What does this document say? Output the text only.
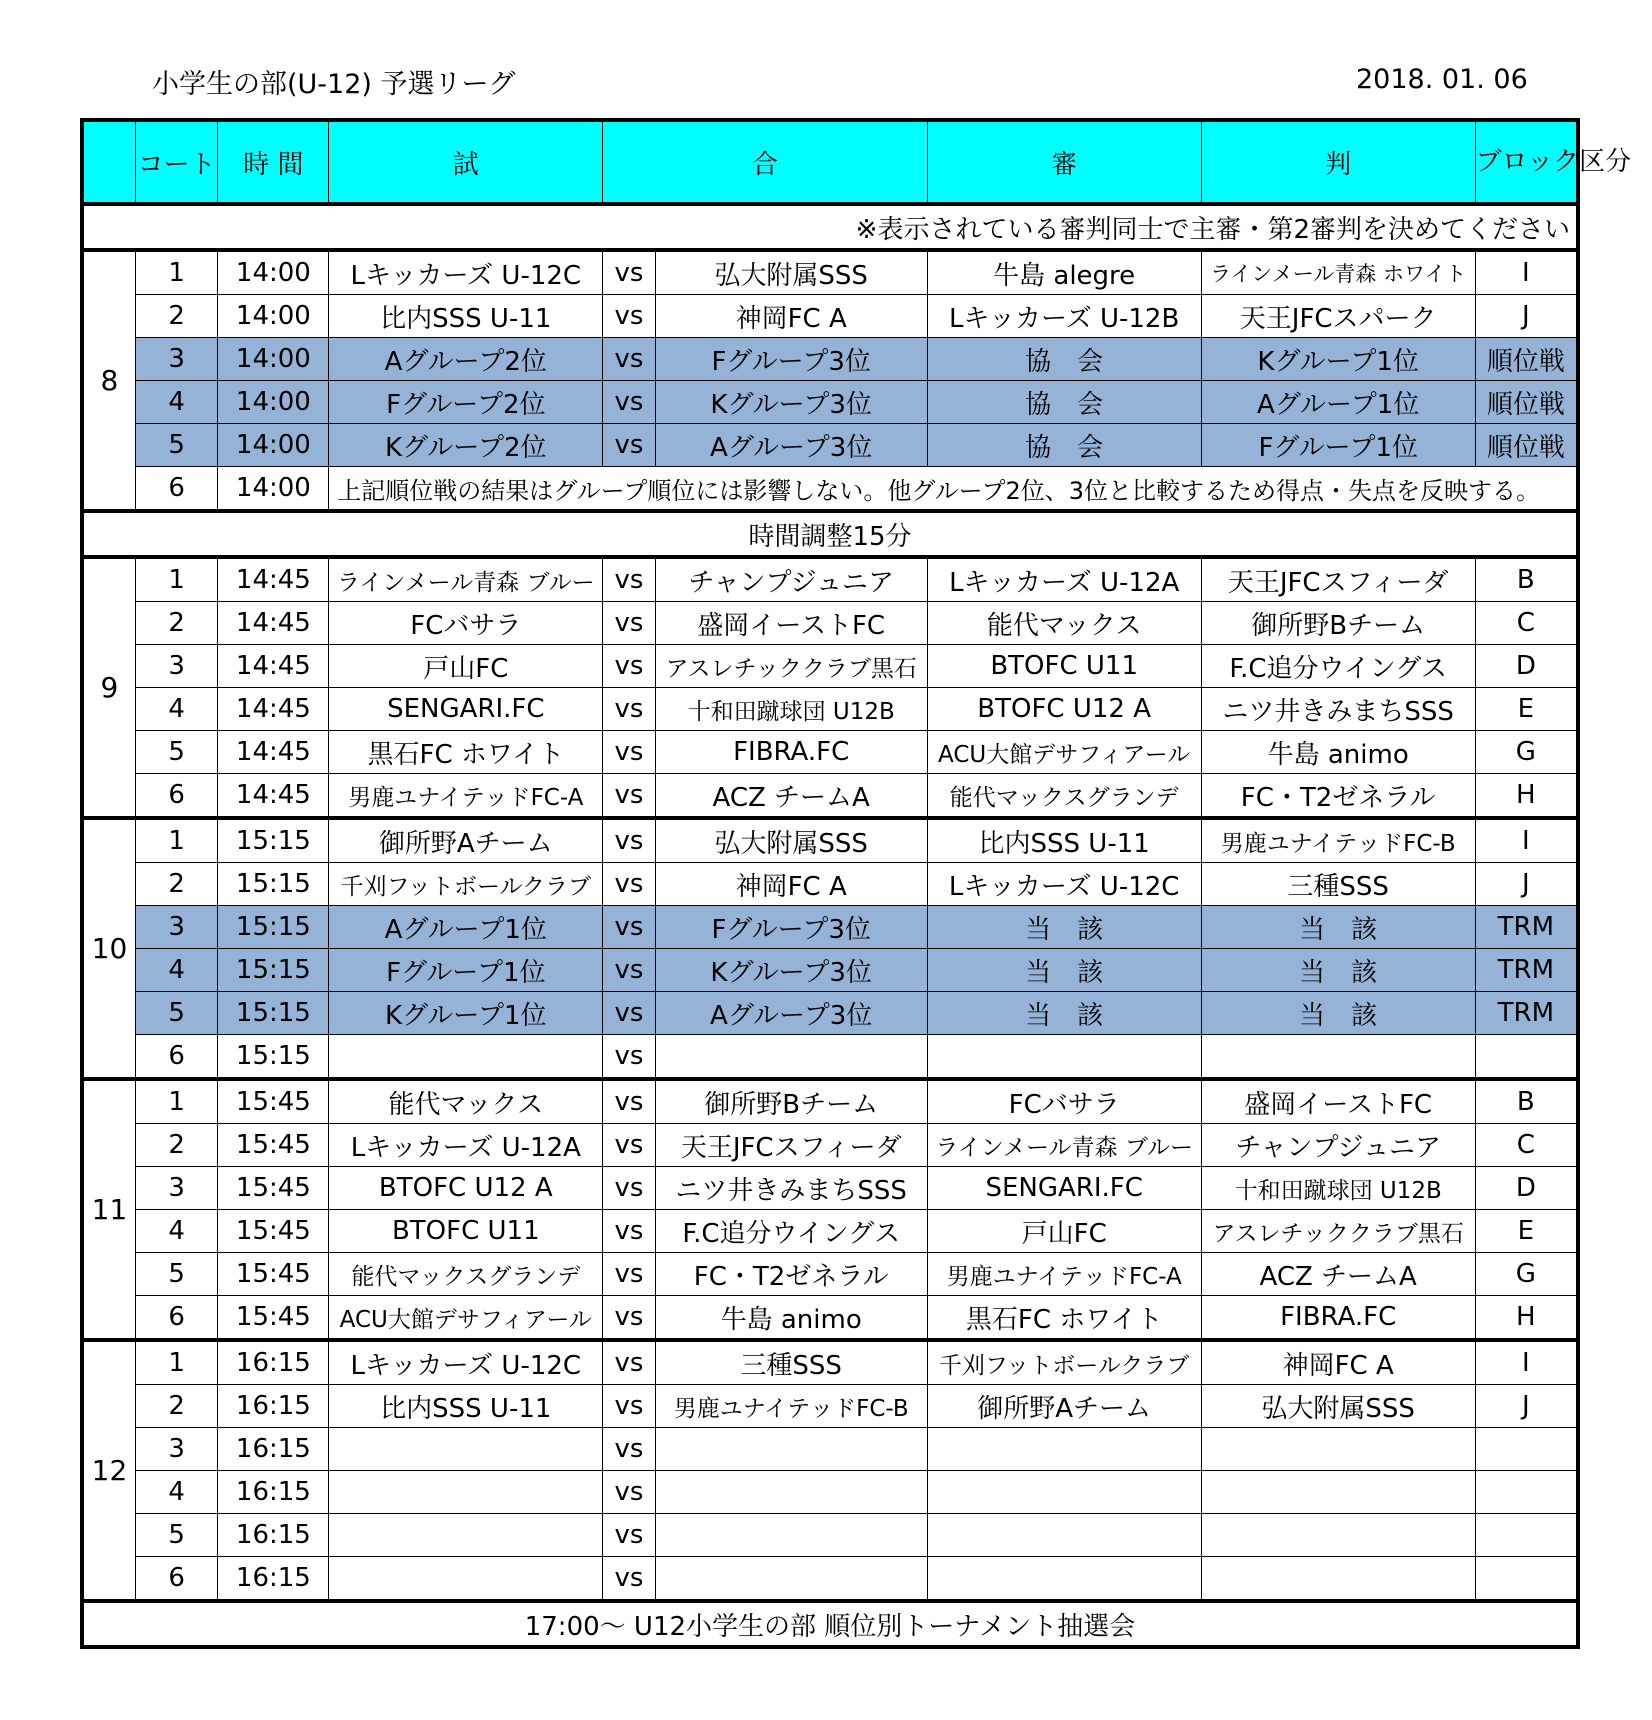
小学生の部(U-12) 予選リーグ	2018. 01. 06
	コート	時 間	試	合		審	判	ブロック区分
※表示されている審判同士で主審・第2審判を決めてください								
8	1	14:00	Lキッカーズ U-12C	vs	弘大附属SSS	牛島 alegre	ラインメール青森 ホワイト	I
	2	14:00	比内SSS U-11	vs	神岡FC A	Lキッカーズ U-12B	天王JFCスパーク	J
	3	14:00	Aグループ2位	vs	Fグループ3位	協　会	Kグループ1位	順位戦
	4	14:00	Fグループ2位	vs	Kグループ3位	協　会	Aグループ1位	順位戦
	5	14:00	Kグループ2位	vs	Aグループ3位	協　会	Fグループ1位	順位戦
	6	14:00	上記順位戦の結果はグループ順位には影響しない。他グループ2位、3位と比較するため得点・失点を反映する。					
時間調整15分								
9	1	14:45	ラインメール青森 ブルー	vs	チャンプジュニア	Lキッカーズ U-12A	天王JFCスフィーダ	B
	2	14:45	FCバサラ	vs	盛岡イーストFC	能代マックス	御所野Bチーム	C
	3	14:45	戸山FC	vs	アスレチッククラブ黒石	BTOFC U11	F.C追分ウイングス	D
	4	14:45	SENGARI.FC	vs	十和田蹴球団 U12B	BTOFC U12 A	ニツ井きみまちSSS	E
	5	14:45	黒石FC ホワイト	vs	FIBRA.FC	ACU大館デサフィアール	牛島 animo	G
	6	14:45	男鹿ユナイテッドFC-A	vs	ACZ チームA	能代マックスグランデ	FC・T2ゼネラル	H
10	1	15:15	御所野Aチーム	vs	弘大附属SSS	比内SSS U-11	男鹿ユナイテッドFC-B	I
	2	15:15	千刈フットボールクラブ	vs	神岡FC A	Lキッカーズ U-12C	三種SSS	J
	3	15:15	Aグループ1位	vs	Fグループ3位	当　該	当　該	TRM
	4	15:15	Fグループ1位	vs	Kグループ3位	当　該	当　該	TRM
	5	15:15	Kグループ1位	vs	Aグループ3位	当　該	当　該	TRM
	6	15:15		vs				
11	1	15:45	能代マックス	vs	御所野Bチーム	FCバサラ	盛岡イーストFC	B
	2	15:45	Lキッカーズ U-12A	vs	天王JFCスフィーダ	ラインメール青森 ブルー	チャンプジュニア	C
	3	15:45	BTOFC U12 A	vs	ニツ井きみまちSSS	SENGARI.FC	十和田蹴球団 U12B	D
	4	15:45	BTOFC U11	vs	F.C追分ウイングス	戸山FC	アスレチッククラブ黒石	E
	5	15:45	能代マックスグランデ	vs	FC・T2ゼネラル	男鹿ユナイテッドFC-A	ACZ チームA	G
	6	15:45	ACU大館デサフィアール	vs	牛島 animo	黒石FC ホワイト	FIBRA.FC	H
12	1	16:15	Lキッカーズ U-12C	vs	三種SSS	千刈フットボールクラブ	神岡FC A	I
	2	16:15	比内SSS U-11	vs	男鹿ユナイテッドFC-B	御所野Aチーム	弘大附属SSS	J
	3	16:15		vs				
	4	16:15		vs				
	5	16:15		vs				
	6	16:15		vs				
17:00～ U12小学生の部 順位別トーナメント抽選会								
